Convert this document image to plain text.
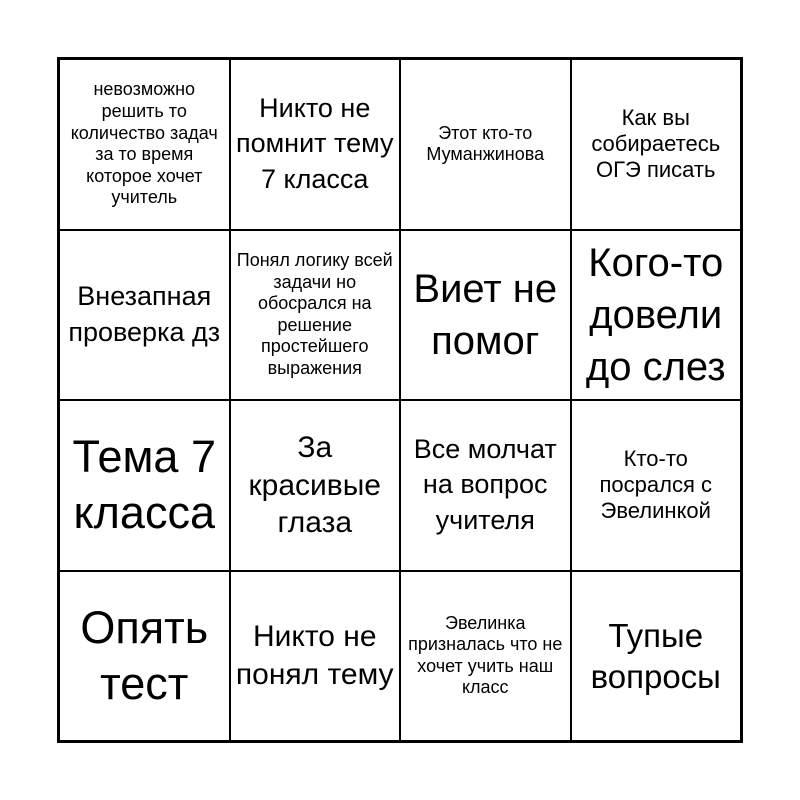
невозможно решить то количество задач за то время которое хочет учитель
Никто не помнит тему 7 класса
Этот кто-то Муманжинова
Как вы собираетесь ОГЭ писать
Внезапная проверка дз
Понял логику всей задачи но обосрался на решение простейшего выражения
Виет не помог
Кого-то довели до слез
Тема 7 класса
За красивые глаза
Все молчат на вопрос учителя
Кто-то посрался с Эвелинкой
Опять тест
Никто не понял тему
Эвелинка призналась что не хочет учить наш класс
Тупые вопросы
